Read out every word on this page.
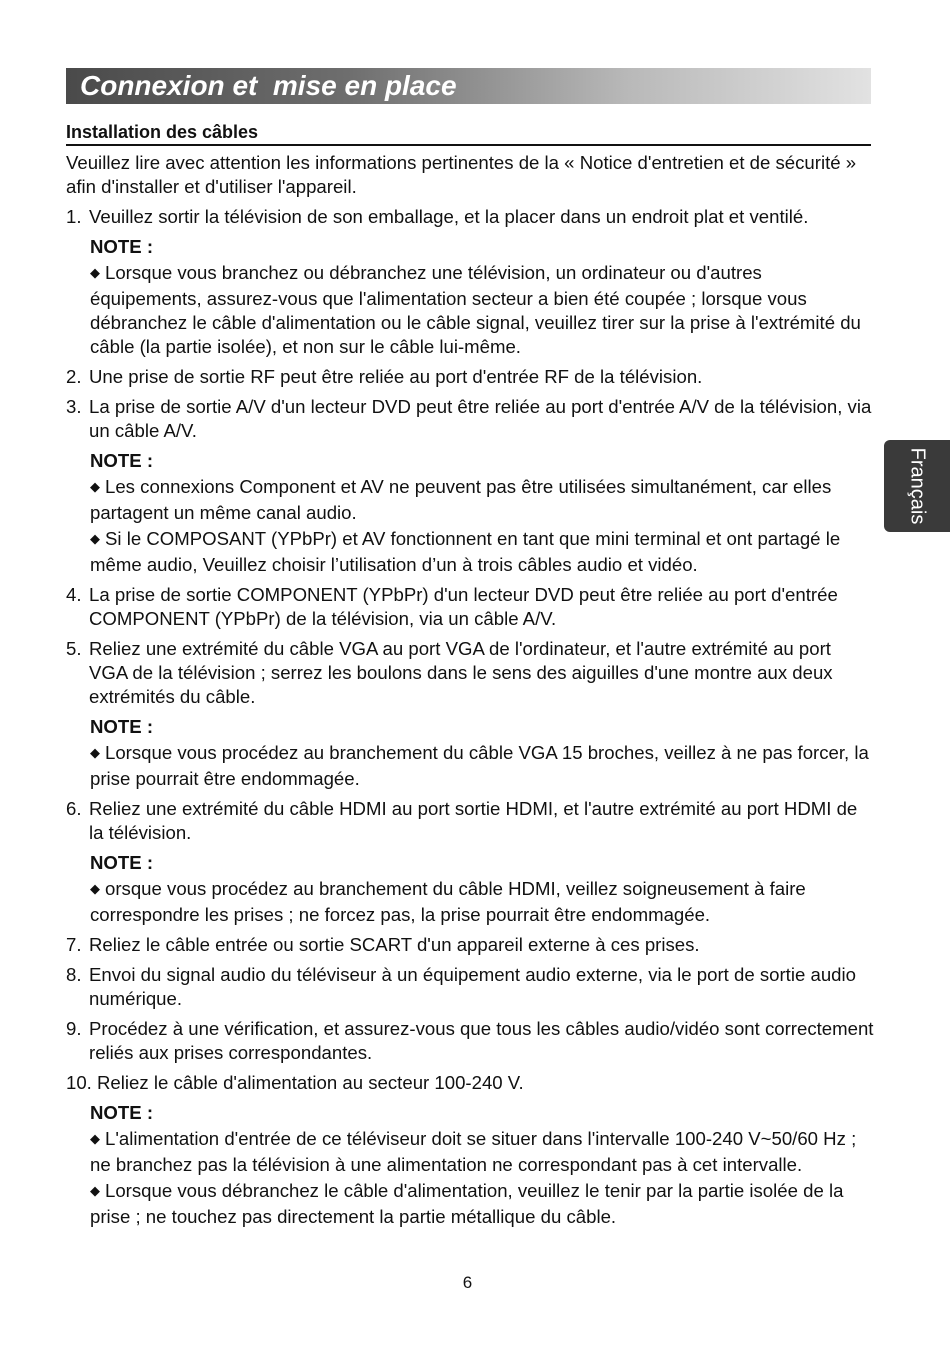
Connexion et  mise en place
Installation des câbles

Veuillez lire avec attention les informations pertinentes de la « Notice d'entretien et de sécurité » afin d'installer et d'utiliser l'appareil.

1. Veuillez sortir la télévision de son emballage, et la placer dans un endroit plat et ventilé.
NOTE :
◆ Lorsque vous branchez ou débranchez une télévision, un ordinateur ou d'autres équipements, assurez-vous que l'alimentation secteur a bien été coupée ; lorsque vous débranchez le câble d'alimentation ou le câble signal, veuillez tirer sur la prise à l'extrémité du câble (la partie isolée), et non sur le câble lui-même.
2. Une prise de sortie RF peut être reliée au port d'entrée RF de la télévision.
3. La prise de sortie A/V d'un lecteur DVD peut être reliée au port d'entrée A/V de la télévision, via un câble A/V.
NOTE :
◆ Les connexions Component et AV ne peuvent pas être utilisées simultanément, car elles partagent un même canal audio.
◆ Si le COMPOSANT (YPbPr) et AV fonctionnent en tant que mini terminal et ont partagé le même audio, Veuillez choisir l’utilisation d’un à trois câbles audio et vidéo.
4. La prise de sortie COMPONENT (YPbPr) d'un lecteur DVD peut être reliée au port d'entrée COMPONENT (YPbPr) de la télévision, via un câble A/V.
5. Reliez une extrémité du câble VGA au port VGA de l'ordinateur, et l'autre extrémité au port VGA de la télévision ; serrez les boulons dans le sens des aiguilles d'une montre aux deux extrémités du câble.
NOTE :
◆ Lorsque vous procédez au branchement du câble VGA 15 broches, veillez à ne pas forcer, la prise pourrait être endommagée.
6. Reliez une extrémité du câble HDMI au port sortie HDMI, et l'autre extrémité au port HDMI de la télévision.
NOTE :
◆ orsque vous procédez au branchement du câble HDMI, veillez soigneusement à faire correspondre les prises ; ne forcez pas, la prise pourrait être endommagée.
7. Reliez le câble entrée ou sortie SCART d'un appareil externe à ces prises.
8. Envoi du signal audio du téléviseur à un équipement audio externe, via le port de sortie audio numérique.
9. Procédez à une vérification, et assurez-vous que tous les câbles audio/vidéo sont correctement reliés aux prises correspondantes.
10. Reliez le câble d'alimentation au secteur 100-240 V.
NOTE :
◆ L'alimentation d'entrée de ce téléviseur doit se situer dans l'intervalle 100-240 V~50/60 Hz ; ne branchez pas la télévision à une alimentation ne correspondant pas à cet intervalle.
◆ Lorsque vous débranchez le câble d'alimentation, veuillez le tenir par la partie isolée de la prise ; ne touchez pas directement la partie métallique du câble.
Français
6
